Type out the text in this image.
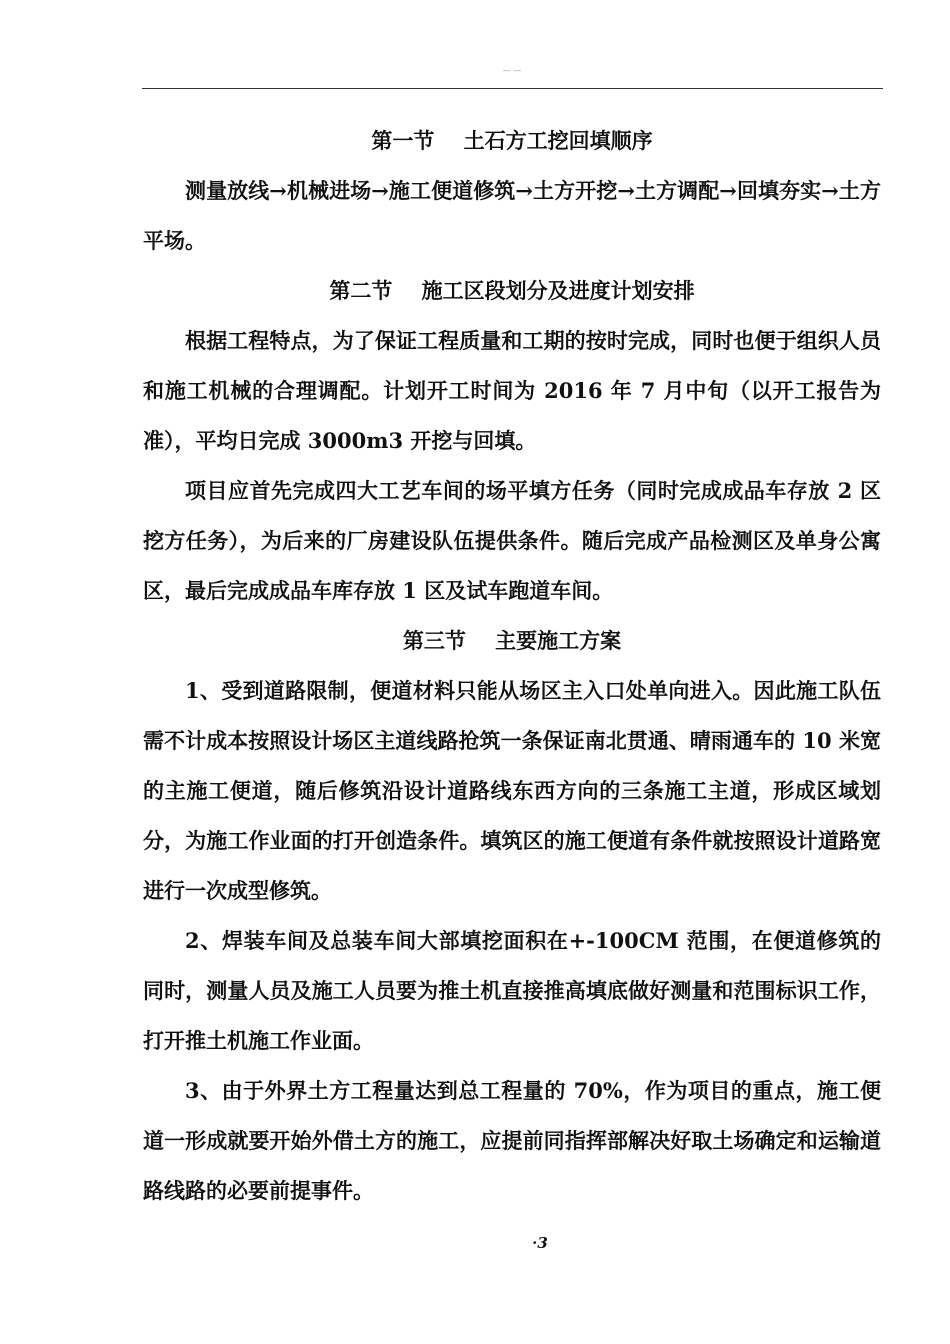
— —
第一节    土石方工挖回填顺序

测量放线→机械进场→施工便道修筑→土方开挖→土方调配→回填夯实→土方平场。

第二节    施工区段划分及进度计划安排

根据工程特点，为了保证工程质量和工期的按时完成，同时也便于组织人员和施工机械的合理调配。计划开工时间为 2016 年 7 月中旬（以开工报告为准），平均日完成 3000m3 开挖与回填。

项目应首先完成四大工艺车间的场平填方任务（同时完成成品车存放 2 区挖方任务），为后来的厂房建设队伍提供条件。随后完成产品检测区及单身公寓区，最后完成成品车库存放 1 区及试车跑道车间。

第三节    主要施工方案

1、受到道路限制，便道材料只能从场区主入口处单向进入。因此施工队伍需不计成本按照设计场区主道线路抢筑一条保证南北贯通、晴雨通车的 10 米宽的主施工便道，随后修筑沿设计道路线东西方向的三条施工主道，形成区域划分，为施工作业面的打开创造条件。填筑区的施工便道有条件就按照设计道路宽进行一次成型修筑。

2、焊装车间及总装车间大部填挖面积在+-100CM 范围，在便道修筑的同时，测量人员及施工人员要为推土机直接推高填底做好测量和范围标识工作，打开推土机施工作业面。

3、由于外界土方工程量达到总工程量的 70%，作为项目的重点，施工便道一形成就要开始外借土方的施工，应提前同指挥部解决好取土场确定和运输道路线路的必要前提事件。

·3
